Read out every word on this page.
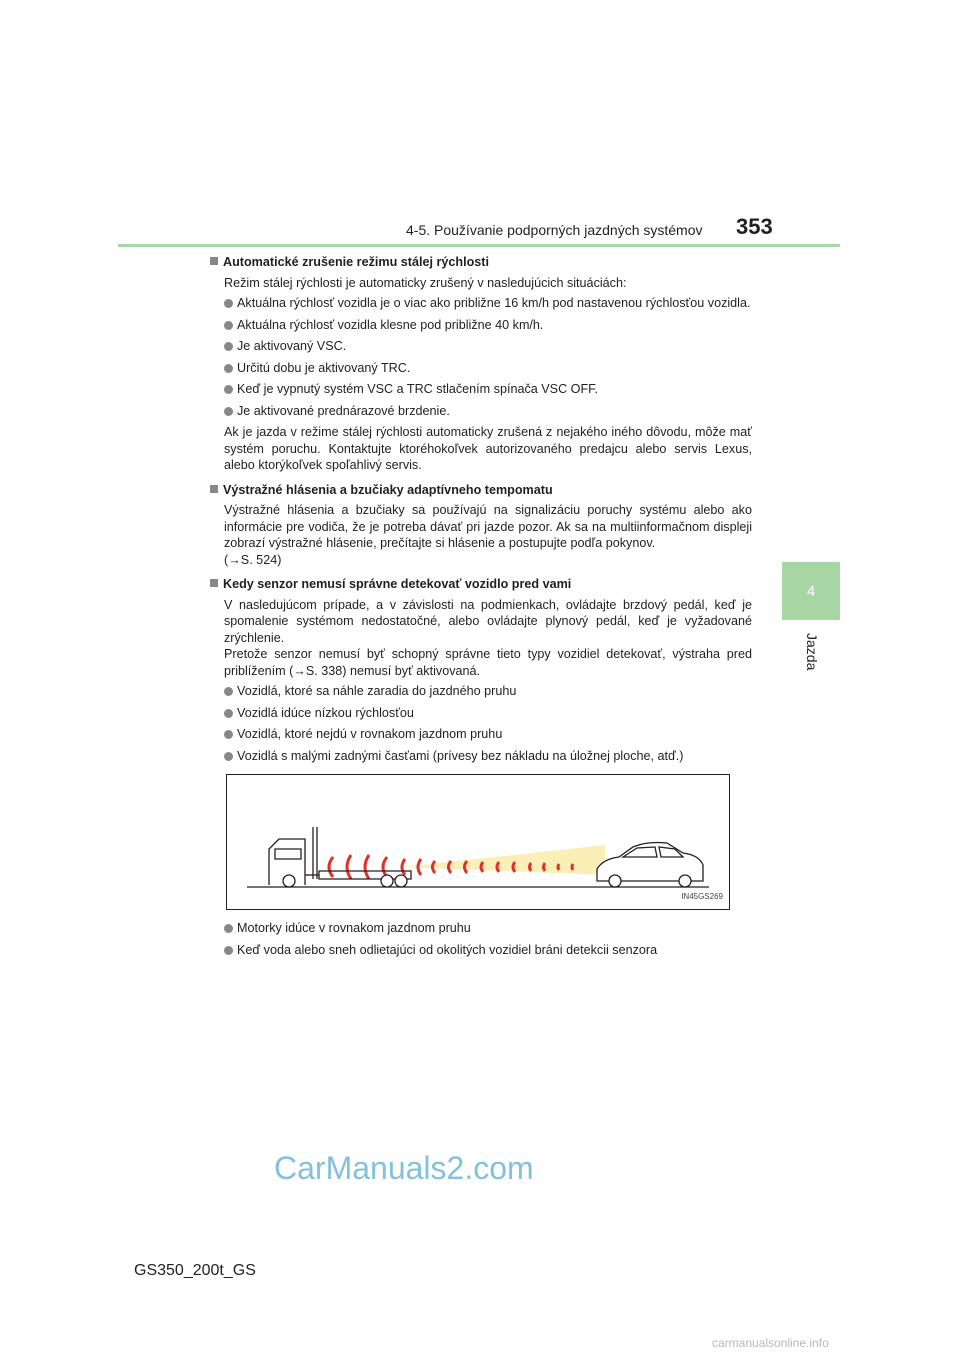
4-5. Používanie podporných jazdných systémov 353
4
Jazda
Automatické zrušenie režimu stálej rýchlosti
Režim stálej rýchlosti je automaticky zrušený v nasledujúcich situáciách:
Aktuálna rýchlosť vozidla je o viac ako približne 16 km/h pod nastavenou rýchlosťou vozidla.
Aktuálna rýchlosť vozidla klesne pod približne 40 km/h.
Je aktivovaný VSC.
Určitú dobu je aktivovaný TRC.
Keď je vypnutý systém VSC a TRC stlačením spínača VSC OFF.
Je aktivované prednárazové brzdenie.
Ak je jazda v režime stálej rýchlosti automaticky zrušená z nejakého iného dôvodu, môže mať systém poruchu. Kontaktujte ktoréhokoľvek autorizovaného predajcu alebo servis Lexus, alebo ktorýkoľvek spoľahlivý servis.
Výstražné hlásenia a bzučiaky adaptívneho tempomatu
Výstražné hlásenia a bzučiaky sa používajú na signalizáciu poruchy systému alebo ako informácie pre vodiča, že je potreba dávať pri jazde pozor. Ak sa na multiinformačnom displeji zobrazí výstražné hlásenie, prečítajte si hlásenie a postupujte podľa pokynov.
(→S. 524)
Kedy senzor nemusí správne detekovať vozidlo pred vami
V nasledujúcom prípade, a v závislosti na podmienkach, ovládajte brzdový pedál, keď je spomalenie systémom nedostatočné, alebo ovládajte plynový pedál, keď je vyžadované zrýchlenie.
Pretože senzor nemusí byť schopný správne tieto typy vozidiel detekovať, výstraha pred priblížením (→S. 338) nemusí byť aktivovaná.
Vozidlá, ktoré sa náhle zaradia do jazdného pruhu
Vozidlá idúce nízkou rýchlosťou
Vozidlá, ktoré nejdú v rovnakom jazdnom pruhu
Vozidlá s malými zadnými časťami (prívesy bez nákladu na úložnej ploche, atď.)
IN45GS269
Motorky idúce v rovnakom jazdnom pruhu
Keď voda alebo sneh odlietajúci od okolitých vozidiel bráni detekcii senzora
CarManuals2.com
GS350_200t_GS
carmanualsonline.info
